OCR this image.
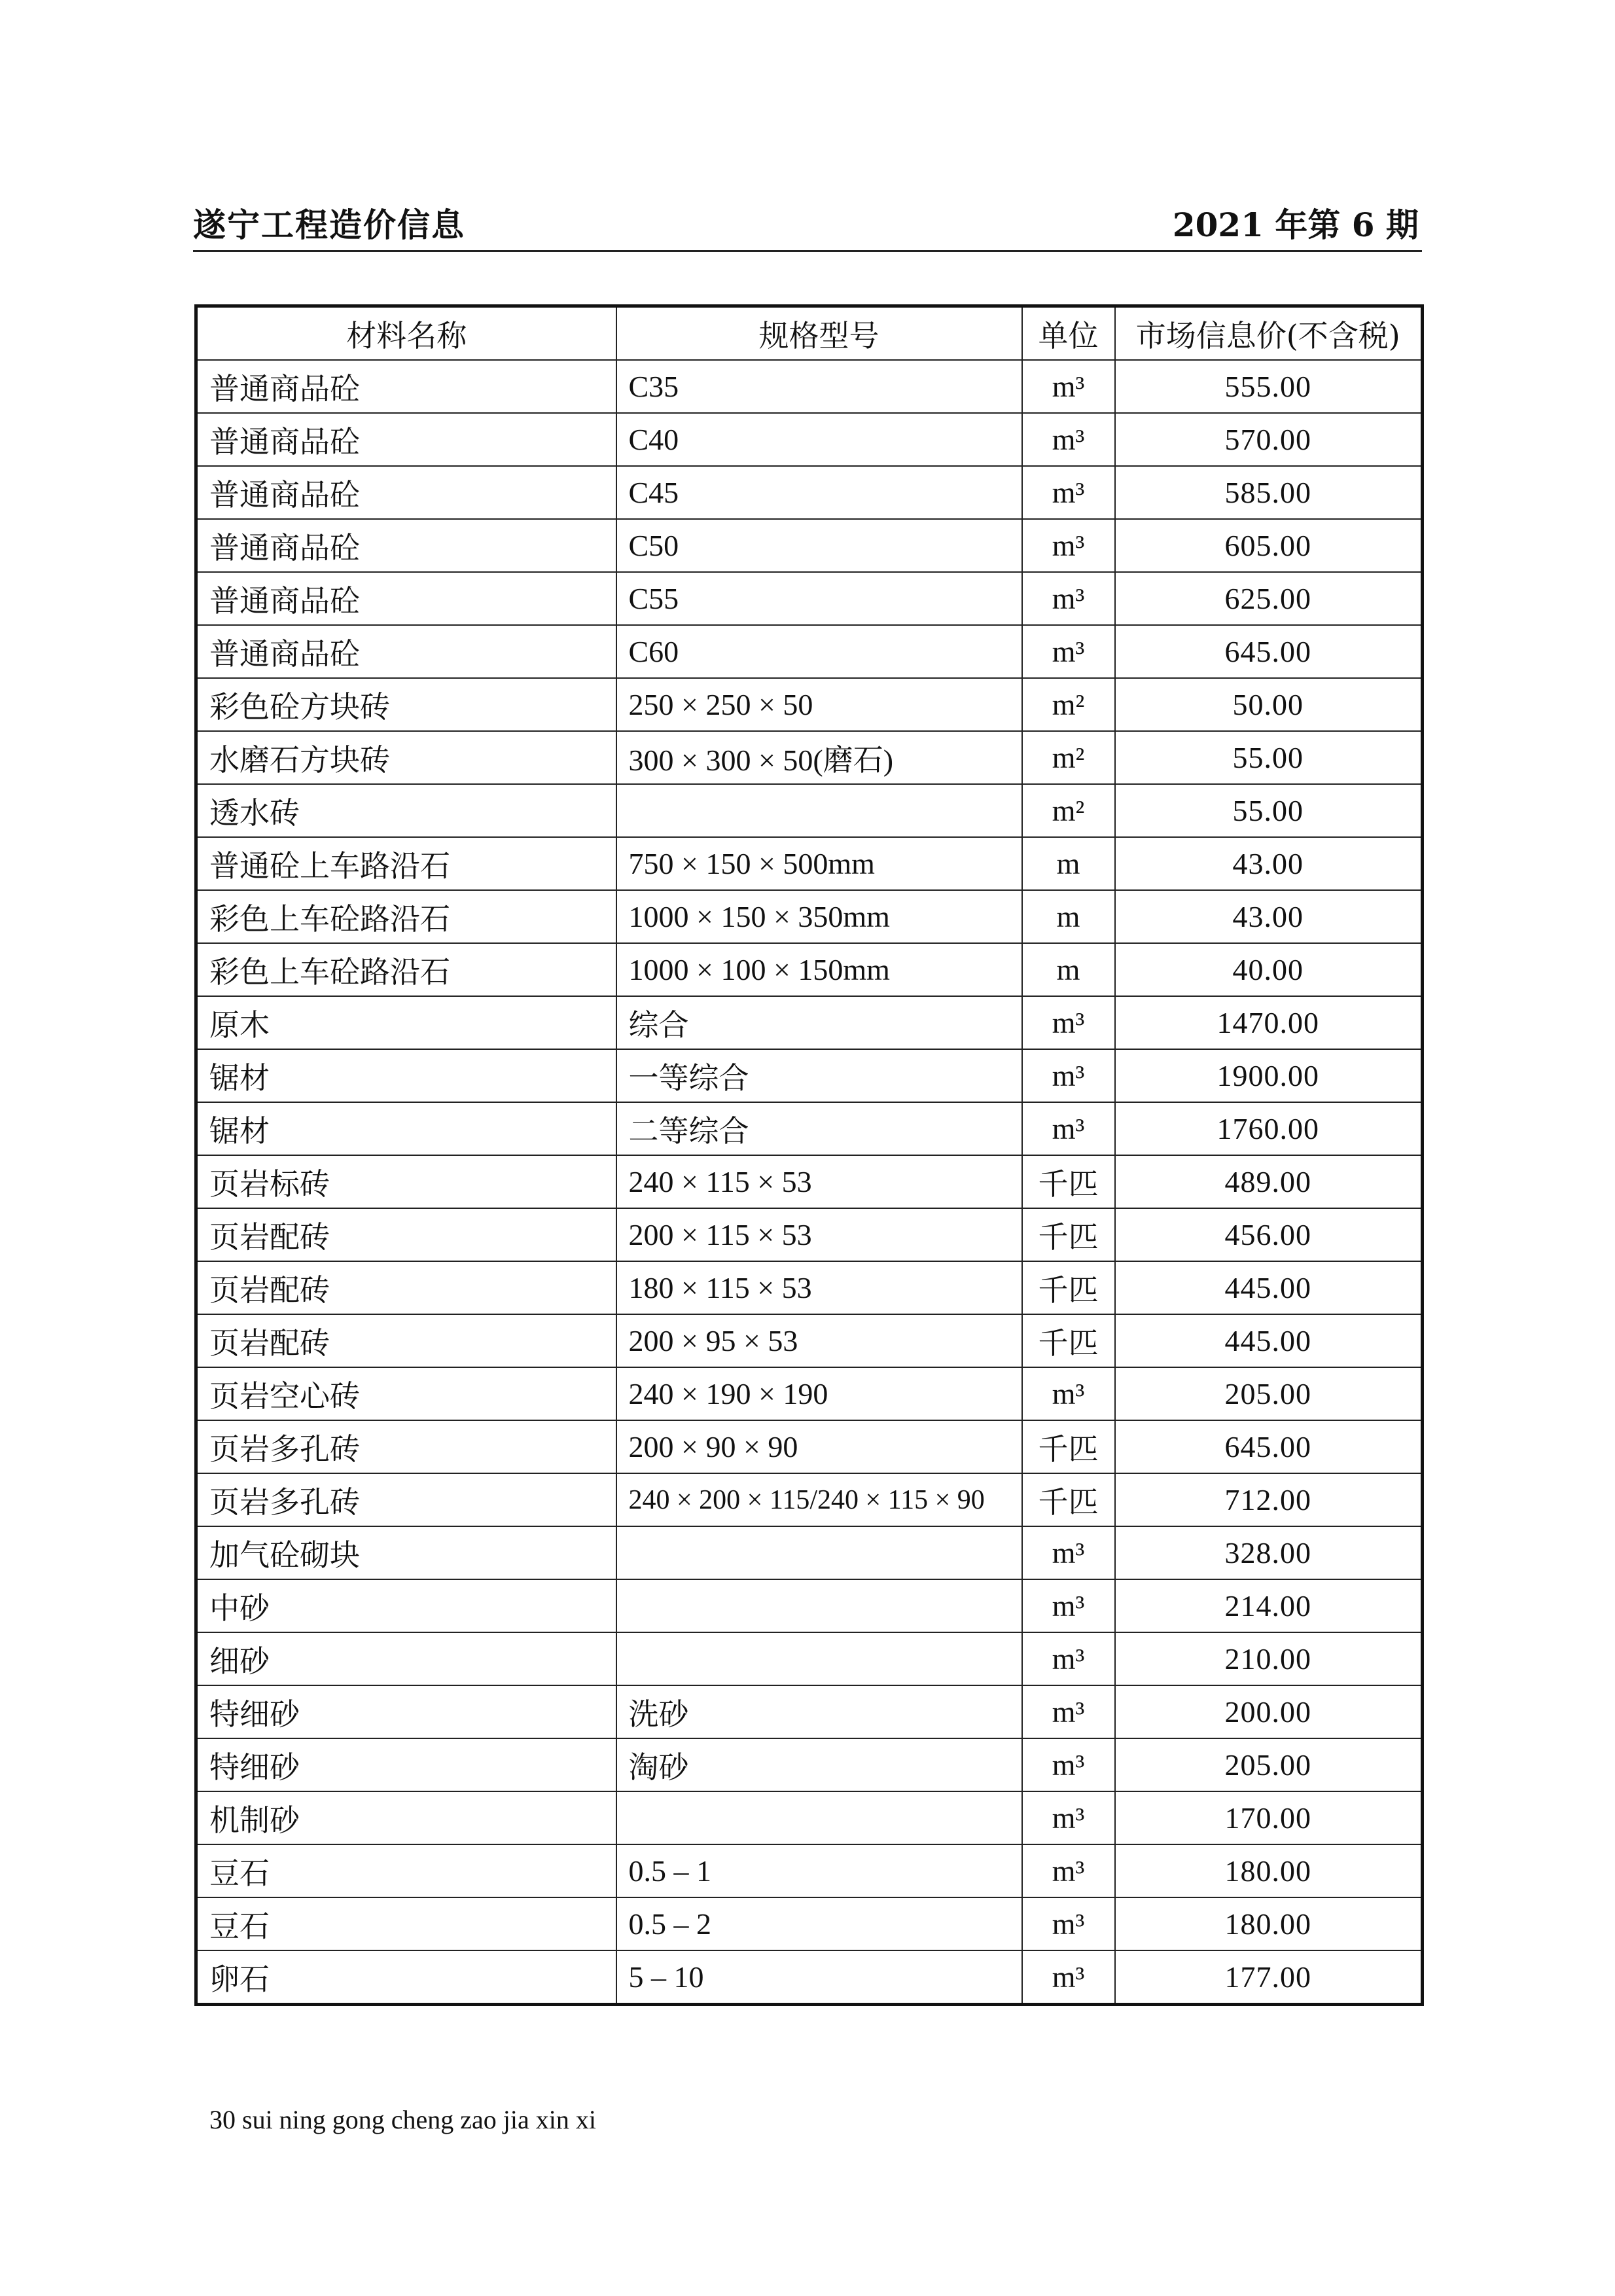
遂宁工程造价信息	2021 年第 6 期
材料名称	规格型号	单位	市场信息价(不含税)
普通商品砼	C35	m³	555.00
普通商品砼	C40	m³	570.00
普通商品砼	C45	m³	585.00
普通商品砼	C50	m³	605.00
普通商品砼	C55	m³	625.00
普通商品砼	C60	m³	645.00
彩色砼方块砖	250 × 250 × 50	m²	50.00
水磨石方块砖	300 × 300 × 50(磨石)	m²	55.00
透水砖		m²	55.00
普通砼上车路沿石	750 × 150 × 500mm	m	43.00
彩色上车砼路沿石	1000 × 150 × 350mm	m	43.00
彩色上车砼路沿石	1000 × 100 × 150mm	m	40.00
原木	综合	m³	1470.00
锯材	一等综合	m³	1900.00
锯材	二等综合	m³	1760.00
页岩标砖	240 × 115 × 53	千匹	489.00
页岩配砖	200 × 115 × 53	千匹	456.00
页岩配砖	180 × 115 × 53	千匹	445.00
页岩配砖	200 × 95 × 53	千匹	445.00
页岩空心砖	240 × 190 × 190	m³	205.00
页岩多孔砖	200 × 90 × 90	千匹	645.00
页岩多孔砖	240 × 200 × 115/240 × 115 × 90	千匹	712.00
加气砼砌块		m³	328.00
中砂		m³	214.00
细砂		m³	210.00
特细砂	洗砂	m³	200.00
特细砂	淘砂	m³	205.00
机制砂		m³	170.00
豆石	0.5 – 1	m³	180.00
豆石	0.5 – 2	m³	180.00
卵石	5 – 10	m³	177.00
30 sui ning gong cheng zao jia xin xi
